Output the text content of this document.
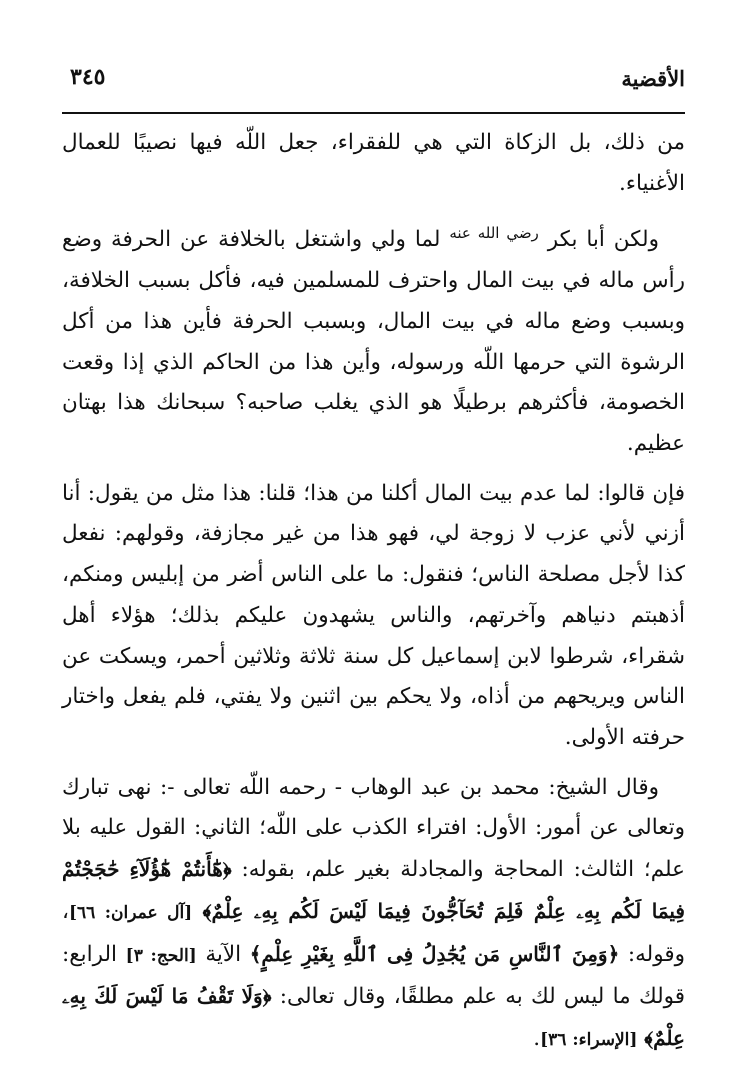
الأقضية
٣٤٥

من ذلك، بل الزكاة التي هي للفقراء، جعل اللّه فيها نصيبًا للعمال الأغنياء.

ولكن أبا بكر $^{رضي الله عنه}$ لما ولي واشتغل بالخلافة عن الحرفة وضع رأس ماله في بيت المال واحترف للمسلمين فيه، فأكل بسبب الخلافة، وبسبب وضع ماله في بيت المال، وبسبب الحرفة فأين هذا من أكل الرشوة التي حرمها اللّه ورسوله، وأين هذا من الحاكم الذي إذا وقعت الخصومة، فأكثرهم برطيلًا هو الذي يغلب صاحبه؟ سبحانك هذا بهتان عظيم.

فإن قالوا: لما عدم بيت المال أكلنا من هذا؛ قلنا: هذا مثل من يقول: أنا أزني لأني عزب لا زوجة لي، فهو هذا من غير مجازفة، وقولهم: نفعل كذا لأجل مصلحة الناس؛ فنقول: ما على الناس أضر من إبليس ومنكم، أذهبتم دنياهم وآخرتهم، والناس يشهدون عليكم بذلك؛ هؤلاء أهل شقراء، شرطوا لابن إسماعيل كل سنة ثلاثة وثلاثين أحمر، ويسكت عن الناس ويريحهم من أذاه، ولا يحكم بين اثنين ولا يفتي، فلم يفعل واختار حرفته الأولى.

وقال الشيخ: محمد بن عبد الوهاب - رحمه اللّه تعالى -: نهى تبارك وتعالى عن أمور: الأول: افتراء الكذب على اللّه؛ الثاني: القول عليه بلا علم؛ الثالث: المحاجة والمجادلة بغير علم، بقوله: ﴿هَٰٓأَنتُمْ هَٰٓؤُلَآءِ حَٰجَجْتُمْ فِيمَا لَكُم بِهِۦ عِلْمٌ فَلِمَ تُحَآجُّونَ فِيمَا لَيْسَ لَكُم بِهِۦ عِلْمٌ﴾ [آل عمران: ٦٦]، وقوله: ﴿وَمِنَ ٱلنَّاسِ مَن يُجَٰدِلُ فِى ٱللَّهِ بِغَيْرِ عِلْمٍ﴾ الآية [الحج: ٣] الرابع: قولك ما ليس لك به علم مطلقًا، وقال تعالى: ﴿وَلَا تَقْفُ مَا لَيْسَ لَكَ بِهِۦ عِلْمٌ﴾ [الإسراء: ٣٦].
